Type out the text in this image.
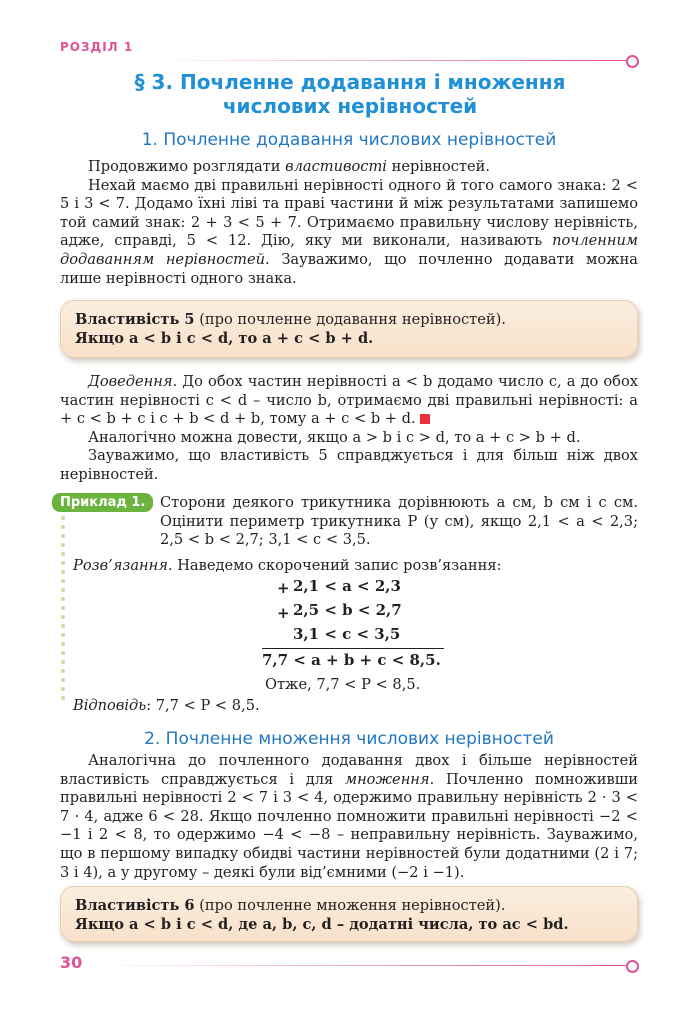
РОЗДІЛ 1
§ 3. Почленне додавання і множення
числових нерівностей
1. Почленне додавання числових нерівностей

Продовжимо розглядати властивості нерівностей.

Нехай маємо дві правильні нерівності одного й того самого знака: 2 < 5 і 3 < 7. Додамо їхні ліві та праві частини й між результатами запишемо той самий знак: 2 + 3 < 5 + 7. Отримаємо правильну числову нерівність, адже, справді, 5 < 12. Дію, яку ми виконали, називають почленним додаванням нерівностей. Зауважимо, що почленно додавати можна лише нерівності одного знака.

Властивість 5 (про почленне додавання нерівностей).
Якщо a < b і c < d, то a + c < b + d.

Доведення. До обох частин нерівності a < b додамо число c, а до обох частин нерівності c < d – число b, отримаємо дві правильні нерівності: a + c < b + c і c + b < d + b, тому a + c < b + d.

Аналогічно можна довести, якщо a > b і c > d, то a + c > b + d.

Зауважимо, що властивість 5 справджується і для більш ніж двох нерівностей.

Приклад 1. Сторони деякого трикутника дорівнюють a см, b см і c см. Оцінити периметр трикутника P (у см), якщо 2,1 < a < 2,3; 2,5 < b < 2,7; 3,1 < c < 3,5.

Розв’язання. Наведемо скорочений запис розв’язання:

+
+
2,1 < a < 2,3
2,5 < b < 2,7
3,1 < c < 3,5
7,7 < a + b + c < 8,5.
Отже, 7,7 < P < 8,5.

Відповідь: 7,7 < P < 8,5.

2. Почленне множення числових нерівностей

Аналогічна до почленного додавання двох і більше нерівностей властивість справджується і для множення. Почленно помноживши правильні нерівності 2 < 7 і 3 < 4, одержимо правильну нерівність 2 · 3 < 7 · 4, адже 6 < 28. Якщо почленно помножити правильні нерівності −2 < −1 і 2 < 8, то одержимо −4 < −8 – неправильну нерівність. Зауважимо, що в першому випадку обидві частини нерівностей були додатними (2 і 7; 3 і 4), а у другому – деякі були від’ємними (−2 і −1).

Властивість 6 (про почленне множення нерівностей).
Якщо a < b і c < d, де a, b, c, d – додатні числа, то ac < bd.
30
